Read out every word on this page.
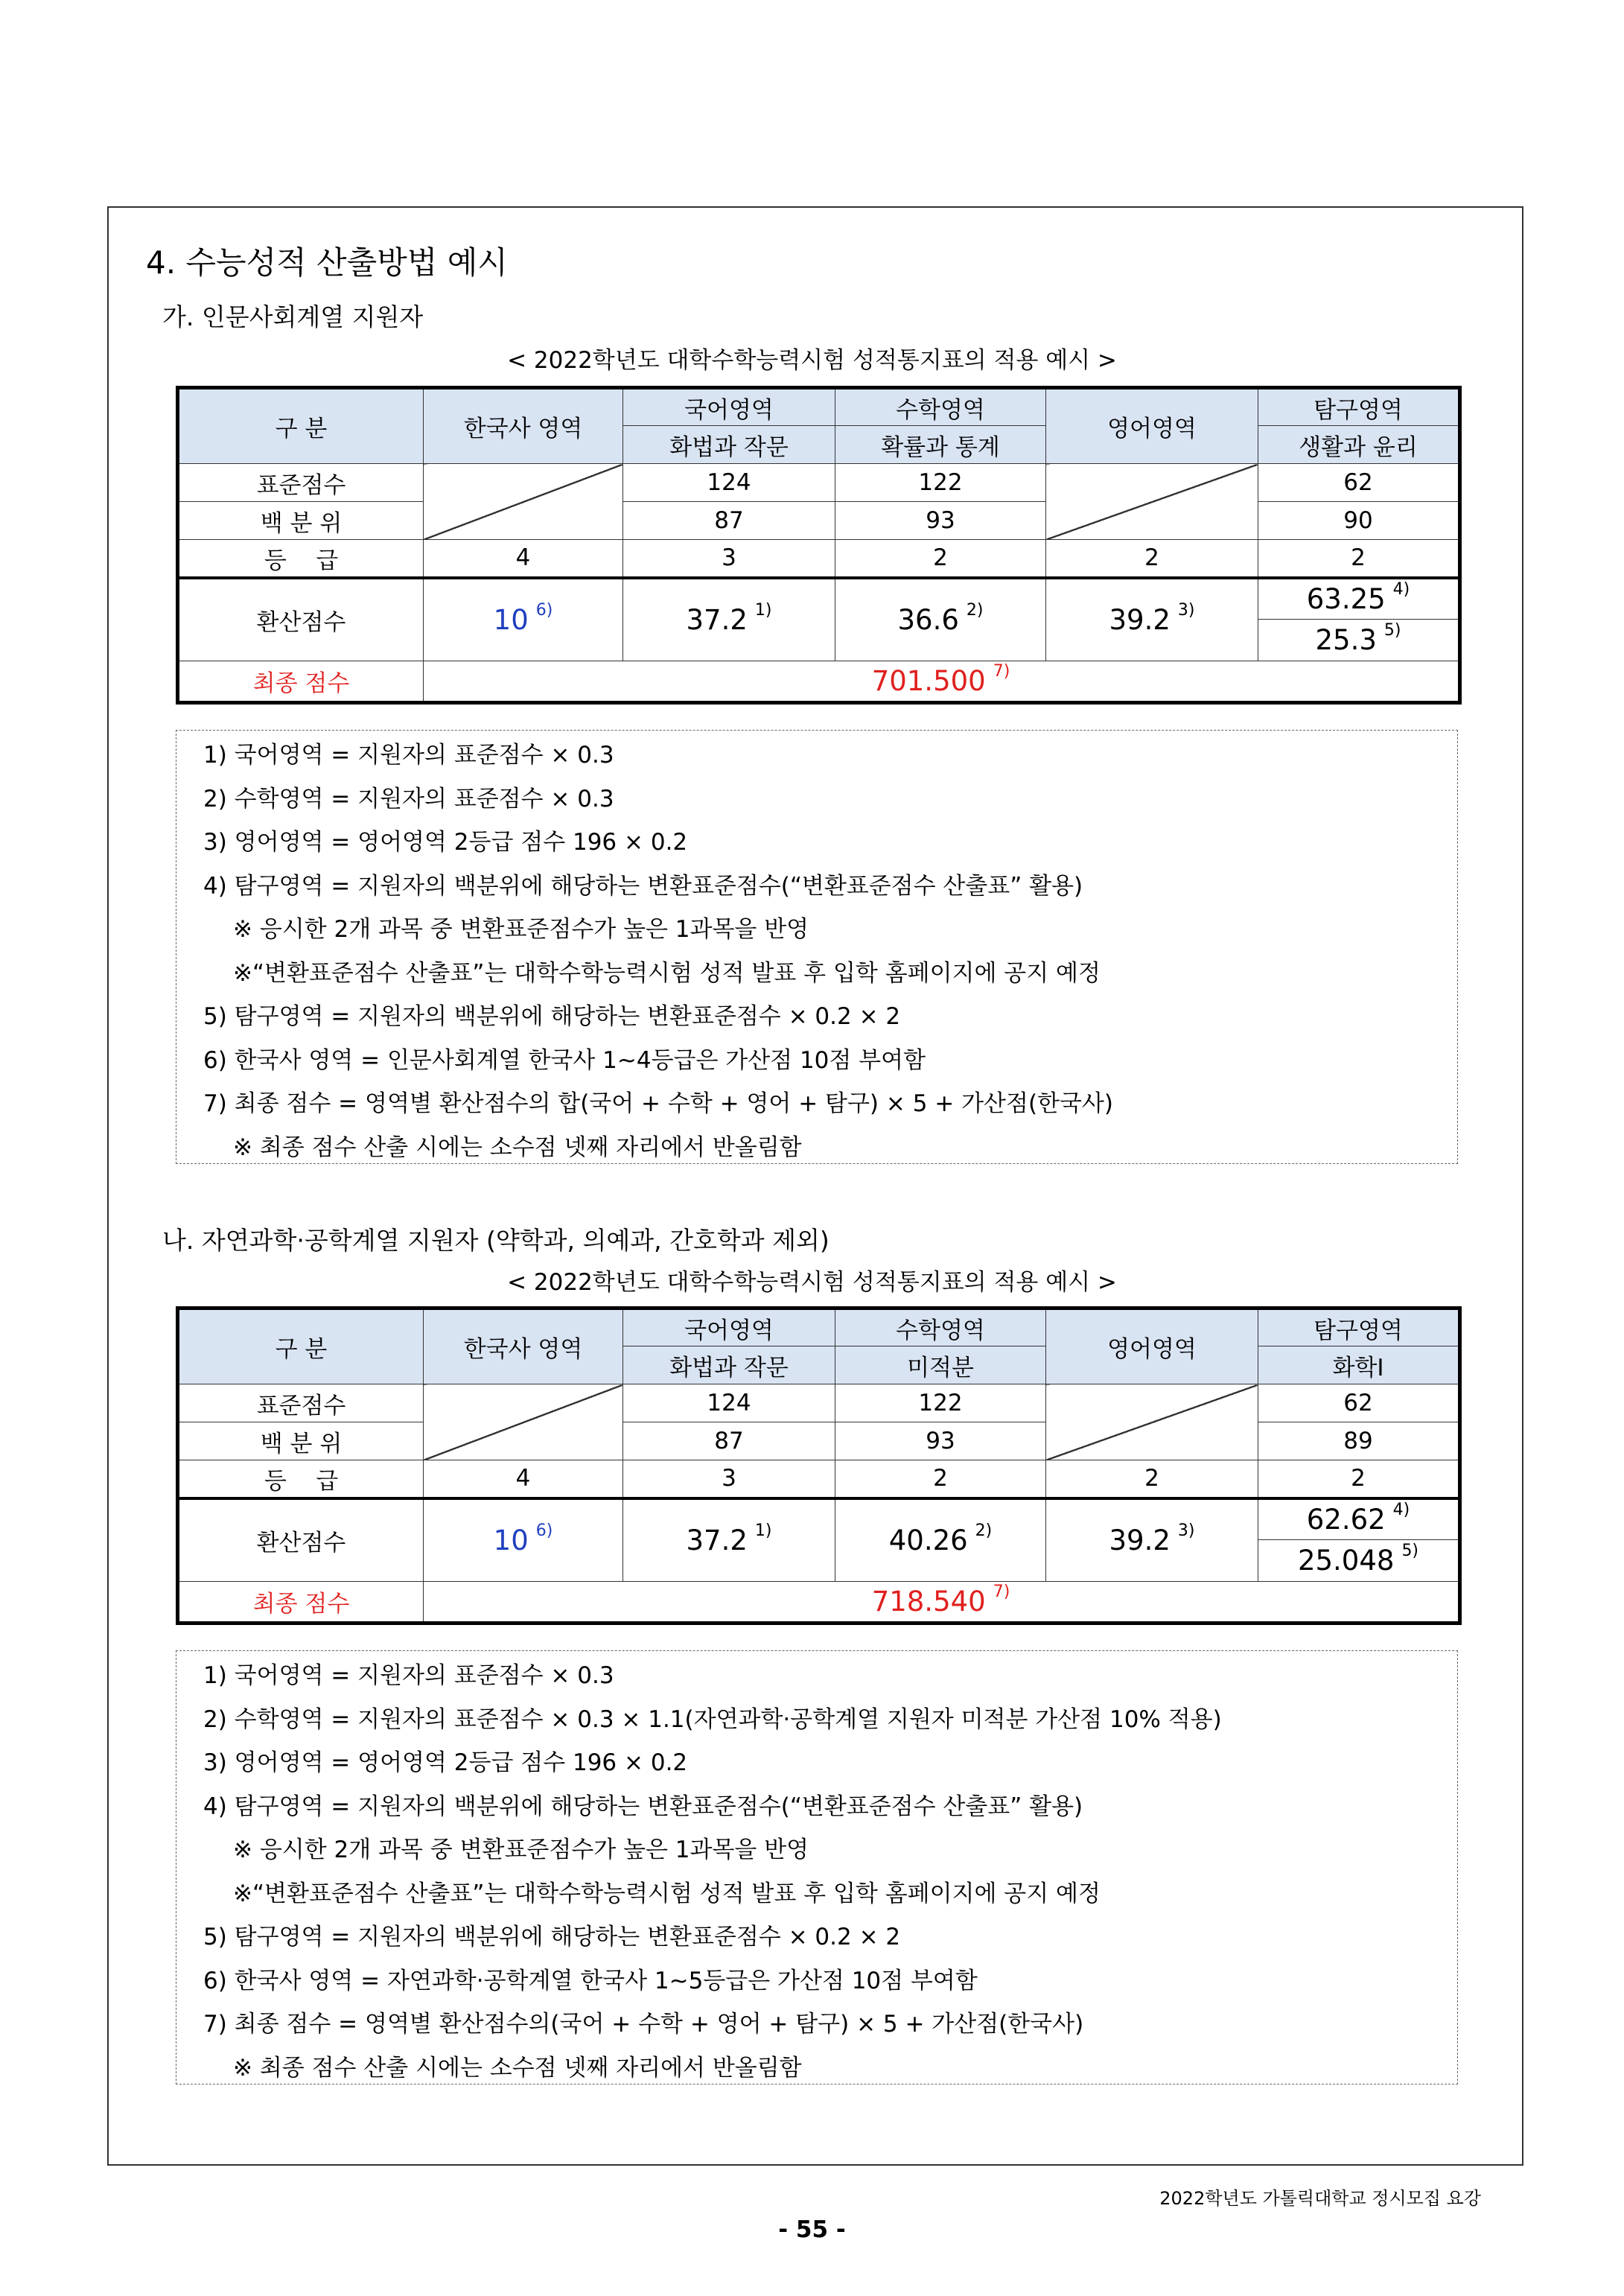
4. 수능성적 산출방법 예시
가. 인문사회계열 지원자
< 2022학년도 대학수학능력시험 성적통지표의 적용 예시 >
구 분	한국사 영역	국어영역	수학영역	영어영역	탐구영역
		화법과 작문	확률과 통계		생활과 윤리
표준점수		124	122		62
백 분 위		87	93		90
등    급	4	3	2	2	2
환산점수	10 $^{6)}$	37.2 $^{1)}$	36.6 $^{2)}$	39.2 $^{3)}$	63.25 $^{4)}$
					25.3 $^{5)}$
최종 점수	701.500 $^{7)}$
1) 국어영역 = 지원자의 표준점수 × 0.3
2) 수학영역 = 지원자의 표준점수 × 0.3
3) 영어영역 = 영어영역 2등급 점수 196 × 0.2
4) 탐구영역 = 지원자의 백분위에 해당하는 변환표준점수(“변환표준점수 산출표” 활용)
※ 응시한 2개 과목 중 변환표준점수가 높은 1과목을 반영
※“변환표준점수 산출표”는 대학수학능력시험 성적 발표 후 입학 홈페이지에 공지 예정
5) 탐구영역 = 지원자의 백분위에 해당하는 변환표준점수 × 0.2 × 2
6) 한국사 영역 = 인문사회계열 한국사 1~4등급은 가산점 10점 부여함
7) 최종 점수 = 영역별 환산점수의 합(국어 + 수학 + 영어 + 탐구) × 5 + 가산점(한국사)
※ 최종 점수 산출 시에는 소수점 넷째 자리에서 반올림함
나. 자연과학·공학계열 지원자 (약학과, 의예과, 간호학과 제외)
< 2022학년도 대학수학능력시험 성적통지표의 적용 예시 >
구 분	한국사 영역	국어영역	수학영역	영어영역	탐구영역
		화법과 작문	미적분		화학Ⅰ
표준점수		124	122		62
백 분 위		87	93		89
등    급	4	3	2	2	2
환산점수	10 $^{6)}$	37.2 $^{1)}$	40.26 $^{2)}$	39.2 $^{3)}$	62.62 $^{4)}$
					25.048 $^{5)}$
최종 점수	718.540 $^{7)}$
1) 국어영역 = 지원자의 표준점수 × 0.3
2) 수학영역 = 지원자의 표준점수 × 0.3 × 1.1(자연과학·공학계열 지원자 미적분 가산점 10% 적용)
3) 영어영역 = 영어영역 2등급 점수 196 × 0.2
4) 탐구영역 = 지원자의 백분위에 해당하는 변환표준점수(“변환표준점수 산출표” 활용)
※ 응시한 2개 과목 중 변환표준점수가 높은 1과목을 반영
※“변환표준점수 산출표”는 대학수학능력시험 성적 발표 후 입학 홈페이지에 공지 예정
5) 탐구영역 = 지원자의 백분위에 해당하는 변환표준점수 × 0.2 × 2
6) 한국사 영역 = 자연과학·공학계열 한국사 1~5등급은 가산점 10점 부여함
7) 최종 점수 = 영역별 환산점수의(국어 + 수학 + 영어 + 탐구) × 5 + 가산점(한국사)
※ 최종 점수 산출 시에는 소수점 넷째 자리에서 반올림함
2022학년도 가톨릭대학교 정시모집 요강
- 55 -
